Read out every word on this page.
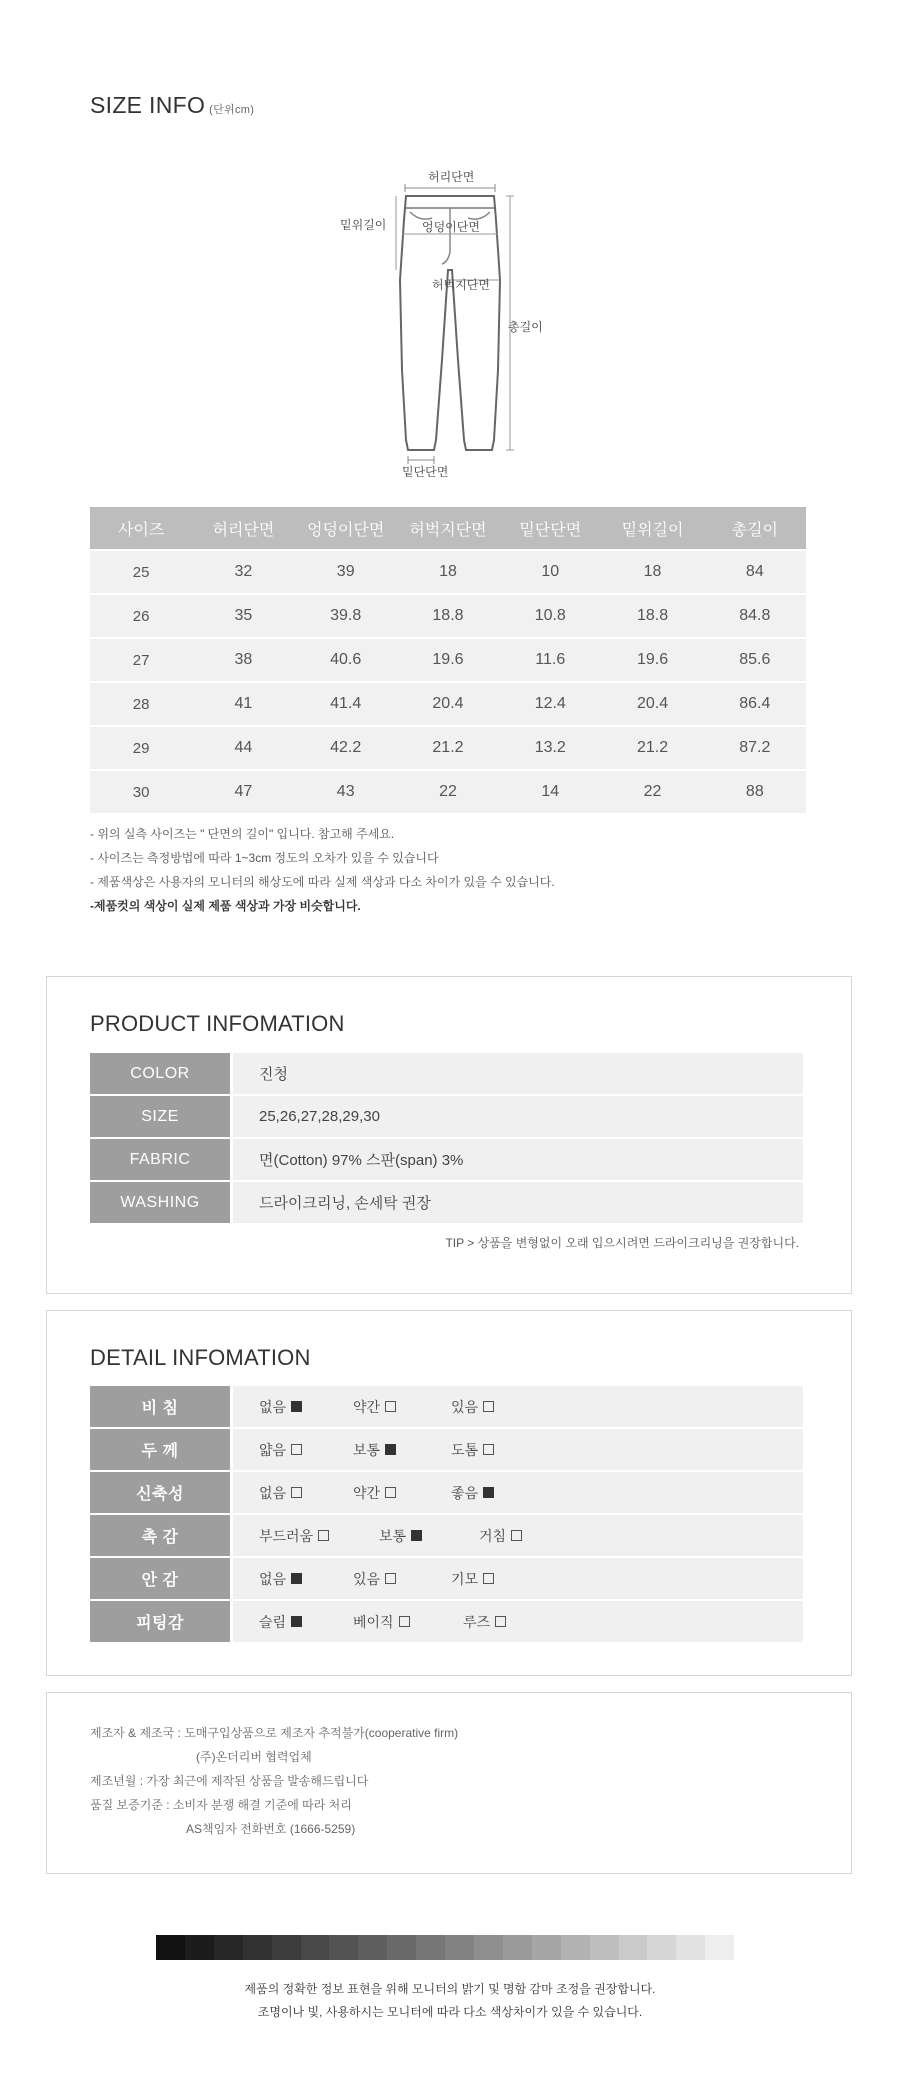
SIZE INFO (단위cm)
허리단면
밑위길이	엉덩이단면
허벅지단면
총길이
밑단단면
사이즈	허리단면	엉덩이단면	허벅지단면	밑단단면	밑위길이	총길이
25	32	39	18	10	18	84
26	35	39.8	18.8	10.8	18.8	84.8
27	38	40.6	19.6	11.6	19.6	85.6
28	41	41.4	20.4	12.4	20.4	86.4
29	44	42.2	21.2	13.2	21.2	87.2
30	47	43	22	14	22	88
- 위의 실측 사이즈는 " 단면의 길이" 입니다. 참고해 주세요.
- 사이즈는 측정방법에 따라 1~3cm 정도의 오차가 있을 수 있습니다
- 제품색상은 사용자의 모니터의 해상도에 따라 실제 색상과 다소 차이가 있을 수 있습니다.
-제품컷의 색상이 실제 제품 색상과 가장 비슷합니다.
PRODUCT INFOMATION
COLOR	진청
SIZE	25,26,27,28,29,30
FABRIC	면(Cotton) 97% 스판(span) 3%
WASHING	드라이크리닝, 손세탁 권장
TIP > 상품을 변형없이 오래 입으시려면 드라이크리닝을 권장합니다.
DETAIL INFOMATION
비 침	없음	약간	있음
두 께	얇음	보통	도톰
신축성	없음	약간	좋음
촉 감	부드러움	보통	거침
안 감	없음	있음	기모
피팅감	슬림	베이직	루즈
제조자 & 제조국 : 도매구입상품으로 제조자 추적불가(cooperative firm)
(주)온더리버 협력업체
제조년월 : 가장 최근에 제작된 상품을 발송해드립니다
품질 보증기준 : 소비자 분쟁 해결 기준에 따라 처리
AS책임자 전화번호 (1666-5259)
제품의 정확한 정보 표현을 위해 모니터의 밝기 및 명함 감마 조정을 권장합니다.
조명이나 빛, 사용하시는 모니터에 따라 다소 색상차이가 있을 수 있습니다.
